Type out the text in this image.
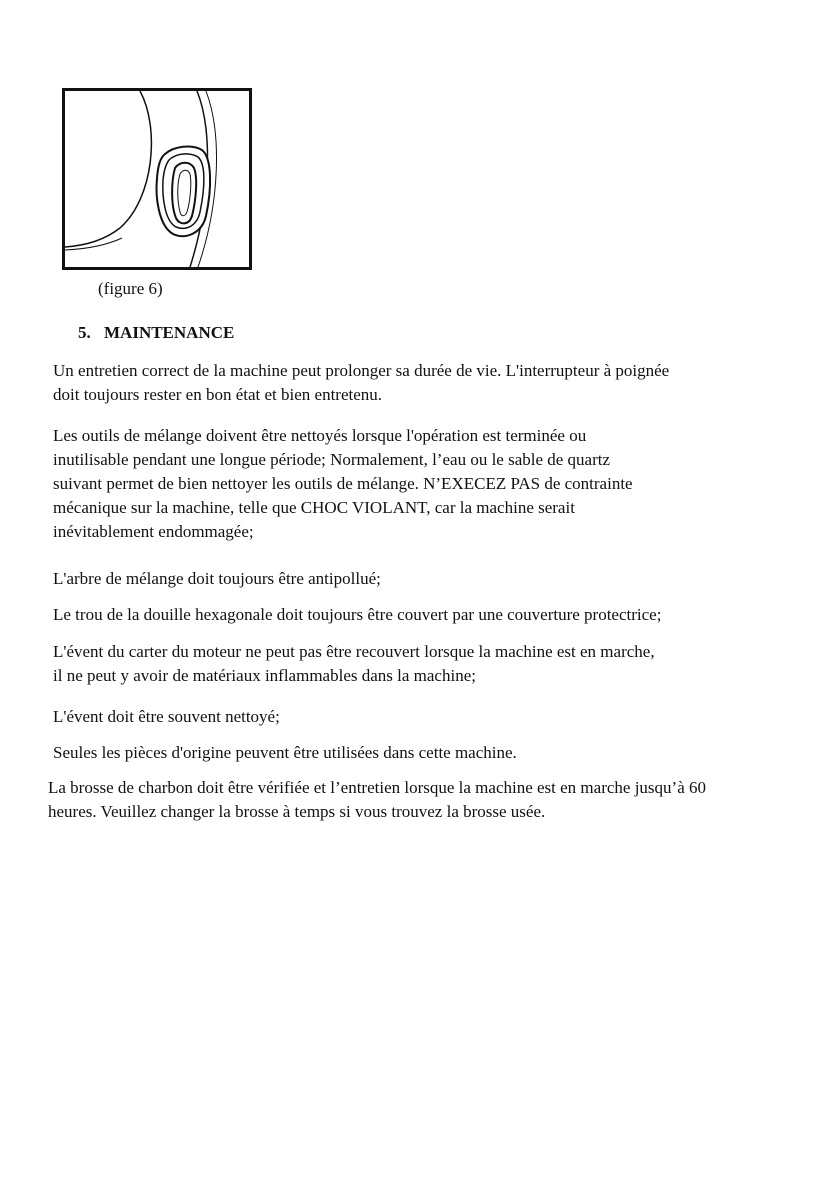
(figure 6)
5. MAINTENANCE
Un entretien correct de la machine peut prolonger sa durée de vie. L'interrupteur à poignée
doit toujours rester en bon état et bien entretenu.
Les outils de mélange doivent être nettoyés lorsque l'opération est terminée ou
inutilisable pendant une longue période; Normalement, l’eau ou le sable de quartz
suivant permet de bien nettoyer les outils de mélange. N’EXECEZ PAS de contrainte
mécanique sur la machine, telle que CHOC VIOLANT, car la machine serait
inévitablement endommagée;
L'arbre de mélange doit toujours être antipollué;
Le trou de la douille hexagonale doit toujours être couvert par une couverture protectrice;
L'évent du carter du moteur ne peut pas être recouvert lorsque la machine est en marche,
il ne peut y avoir de matériaux inflammables dans la machine;
L'évent doit être souvent nettoyé;
Seules les pièces d'origine peuvent être utilisées dans cette machine.
La brosse de charbon doit être vérifiée et l’entretien lorsque la machine est en marche jusqu’à 60
heures. Veuillez changer la brosse à temps si vous trouvez la brosse usée.
